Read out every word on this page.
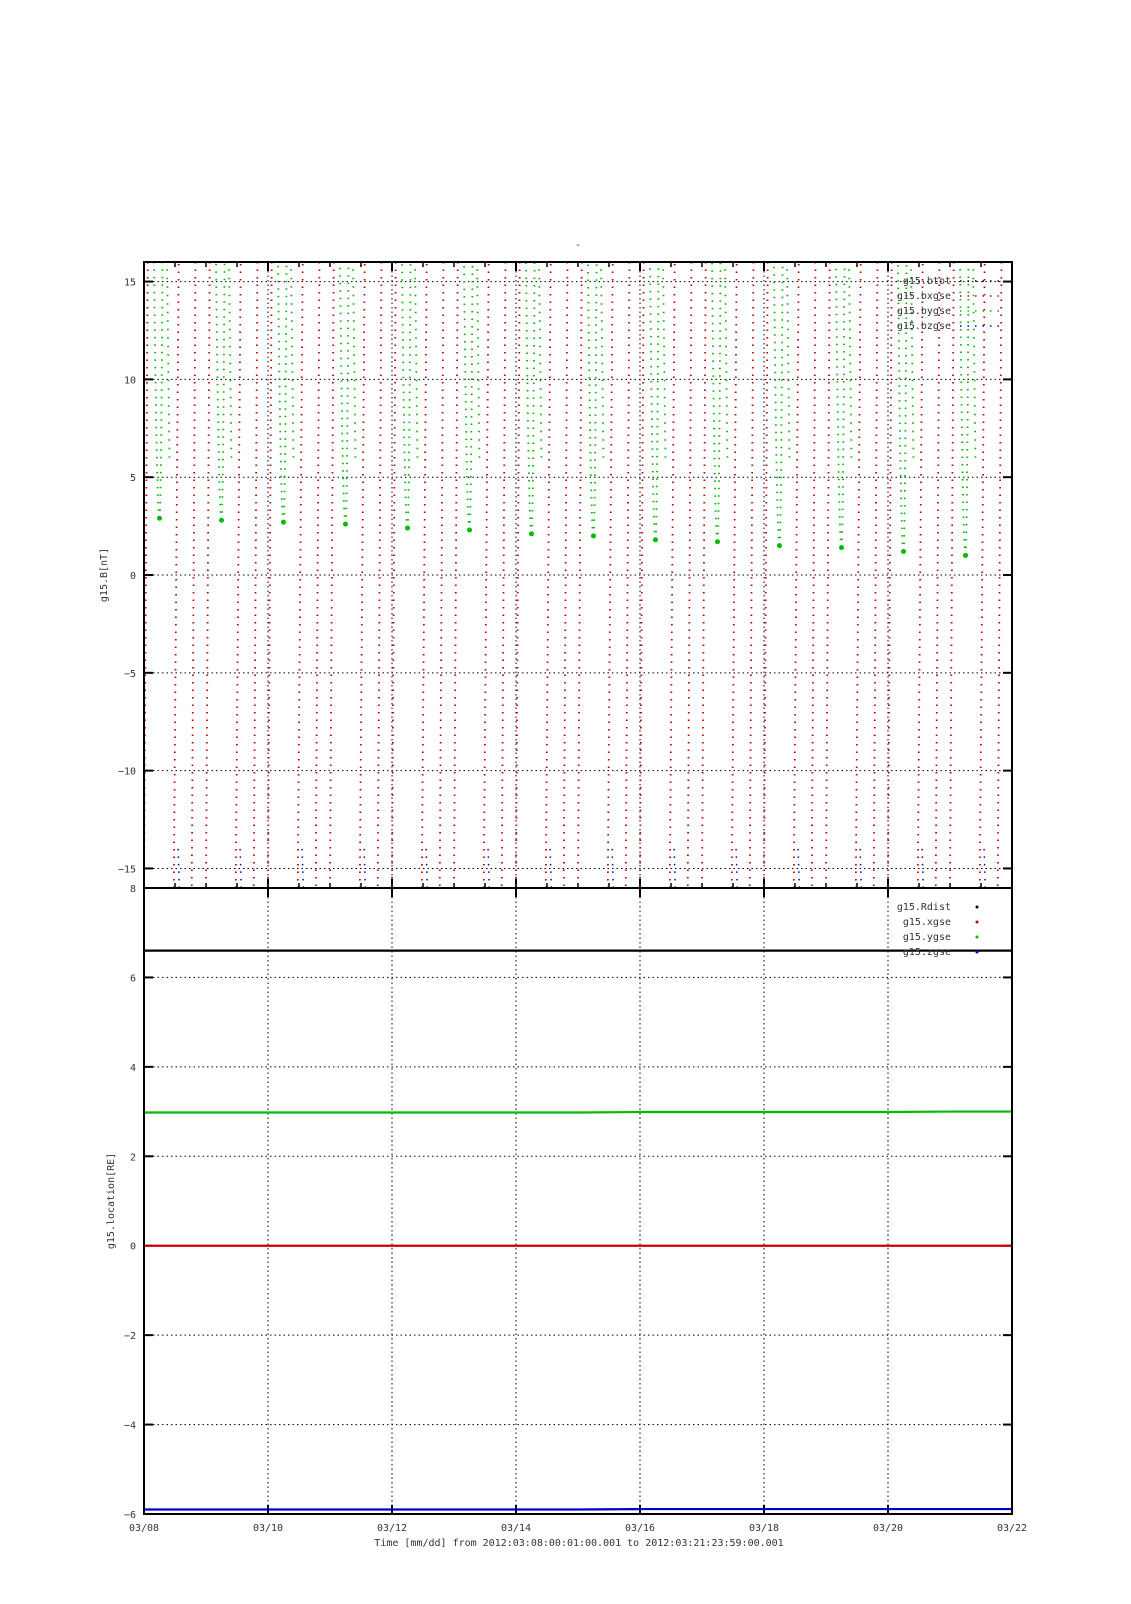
-
−15
−10
−5
0
5
10
15
g15.B[nT]
g15.btot
g15.bxgse
g15.bygse
g15.bzgse
−6
−4
−2
0
2
4
6
8
g15.location[RE]
g15.Rdist
g15.xgse
g15.ygse
g15.zgse
03/08	03/10	03/12	03/14	03/16	03/18	03/20	03/22
Time [mm/dd] from 2012:03:08:00:01:00.001 to 2012:03:21:23:59:00.001
